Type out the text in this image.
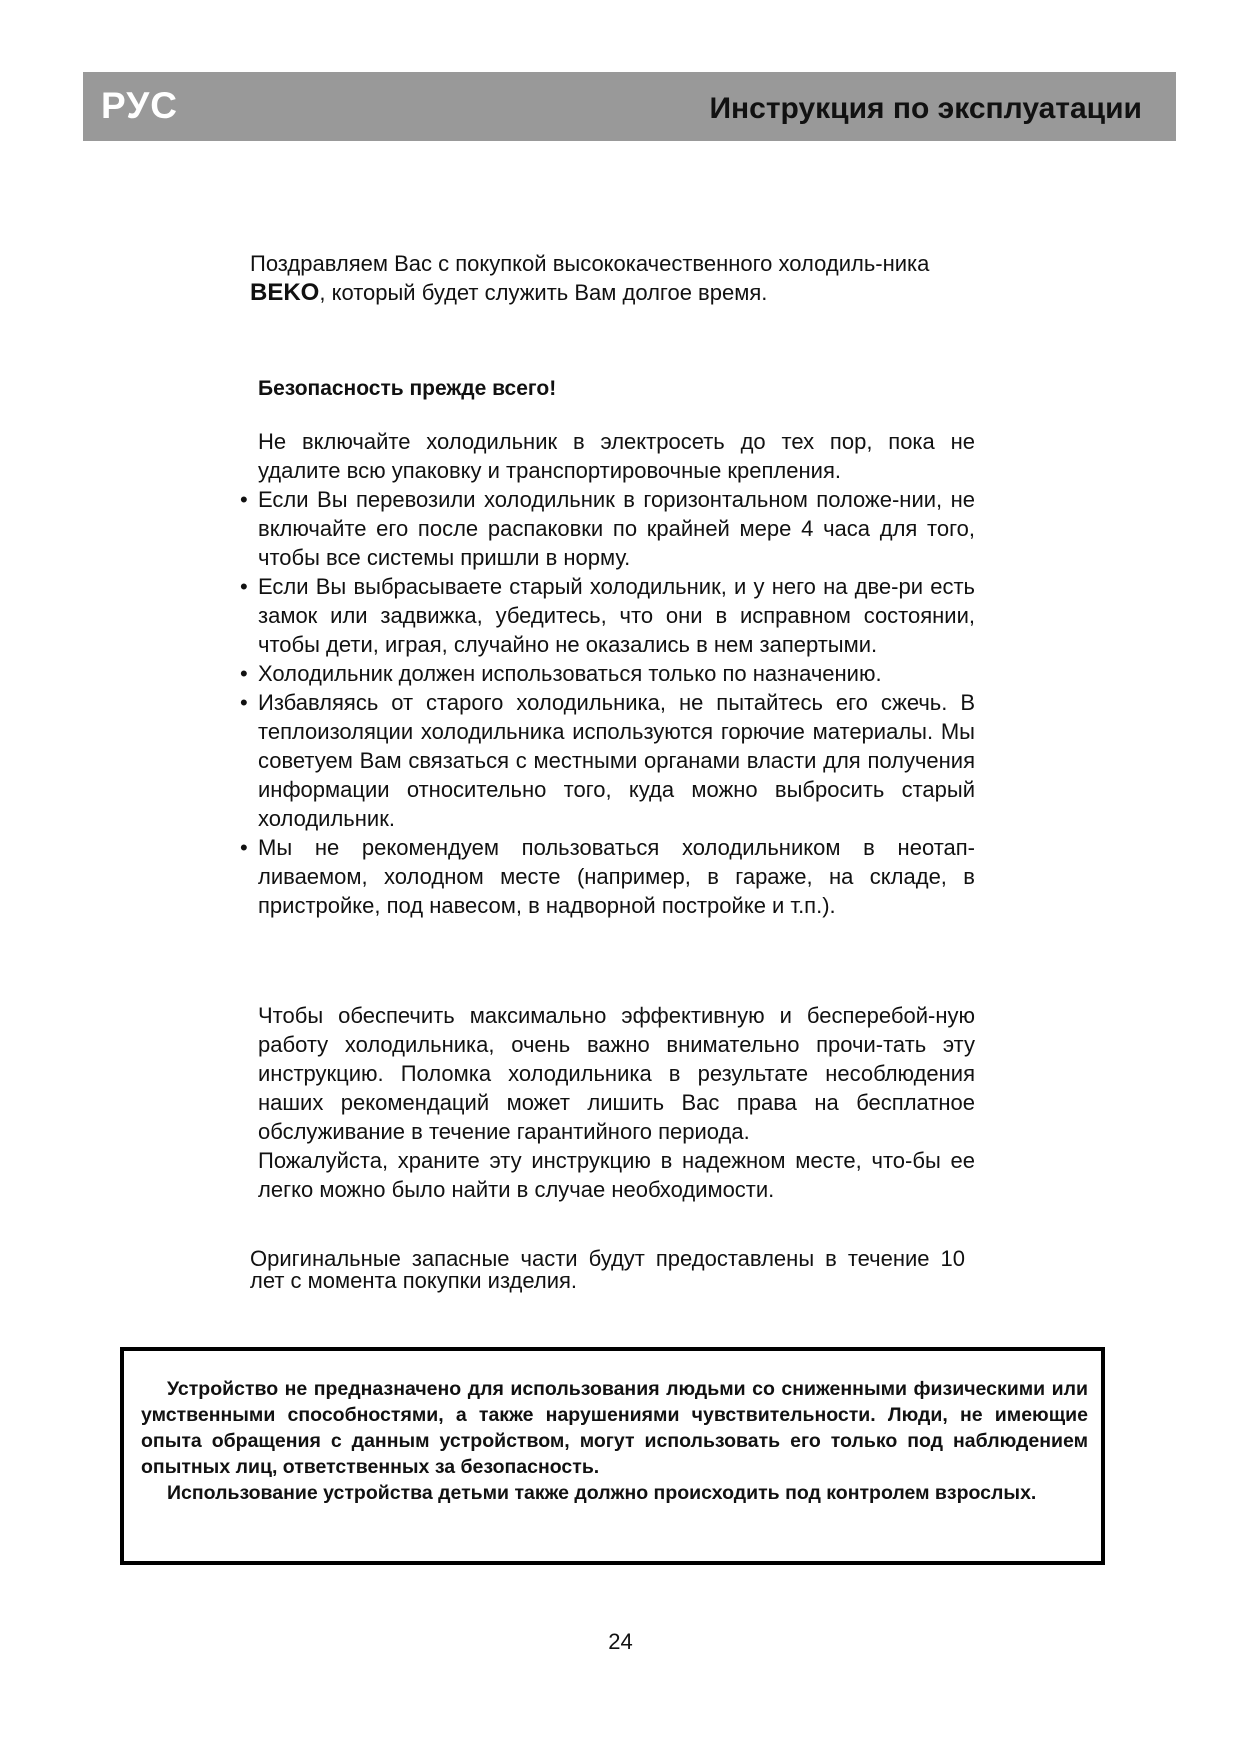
РУС	Инструкция по эксплуатации
Поздравляем Вас с покупкой высококачественного холодиль-ника BEKO, который будет служить Вам долгое время.
Безопасность прежде всего!

Не включайте холодильник в электросеть до тех пор, пока не удалите всю упаковку и транспортировочные крепления.

• Если Вы перевозили холодильник в горизонтальном положе-нии, не включайте его после распаковки по крайней мере 4 часа для того, чтобы все системы пришли в норму.

• Если Вы выбрасываете старый холодильник, и у него на две-ри есть замок или задвижка, убедитесь, что они в исправном состоянии, чтобы дети, играя, случайно не оказались в нем запертыми.

• Холодильник должен использоваться только по назначению.

• Избавляясь от старого холодильника, не пытайтесь его сжечь. В теплоизоляции холодильника используются горючие материалы. Мы советуем Вам связаться с местными органами власти для получения информации относительно того, куда можно выбросить старый холодильник.

• Мы не рекомендуем пользоваться холодильником в неотап-ливаемом, холодном месте (например, в гараже, на складе, в пристройке, под навесом, в надворной постройке и т.п.).

Чтобы обеспечить максимально эффективную и бесперебой-ную работу холодильника, очень важно внимательно прочи-тать эту инструкцию. Поломка холодильника в результате несоблюдения наших рекомендаций может лишить Вас права на бесплатное обслуживание в течение гарантийного периода.

Пожалуйста, храните эту инструкцию в надежном месте, что-бы ее легко можно было найти в случае необходимости.

Оригинальные запасные части будут предоставлены в течение 10 лет с момента покупки изделия.

Устройство не предназначено для использования людьми со сниженными физическими или умственными способностями, а также нарушениями чувствительности. Люди, не имеющие опыта обращения с данным устройством, могут использовать его только под наблюдением опытных лиц, ответственных за безопасность.

Использование устройства детьми также должно происходить под контролем взрослых.

24
